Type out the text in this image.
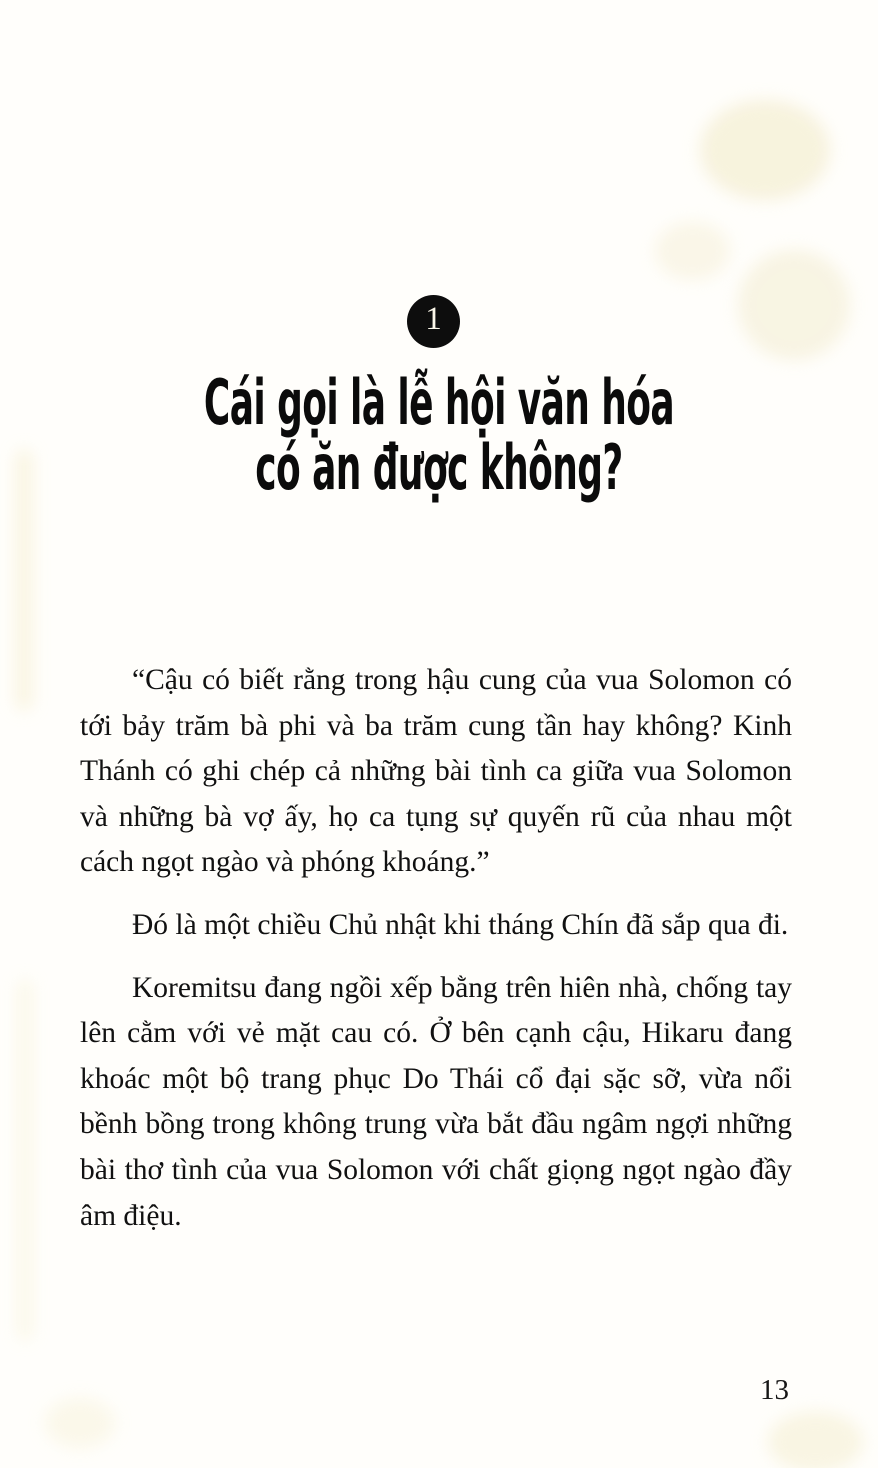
1
Cái gọi là lễ hội văn hóa
có ăn được không?

“Cậu có biết rằng trong hậu cung của vua Solomon có tới bảy trăm bà phi và ba trăm cung tần hay không? Kinh Thánh có ghi chép cả những bài tình ca giữa vua Solomon và những bà vợ ấy, họ ca tụng sự quyến rũ của nhau một cách ngọt ngào và phóng khoáng.”

Đó là một chiều Chủ nhật khi tháng Chín đã sắp qua đi.

Koremitsu đang ngồi xếp bằng trên hiên nhà, chống tay lên cằm với vẻ mặt cau có. Ở bên cạnh cậu, Hikaru đang khoác một bộ trang phục Do Thái cổ đại sặc sỡ, vừa nổi bềnh bồng trong không trung vừa bắt đầu ngâm ngợi những bài thơ tình của vua Solomon với chất giọng ngọt ngào đầy âm điệu.

13
